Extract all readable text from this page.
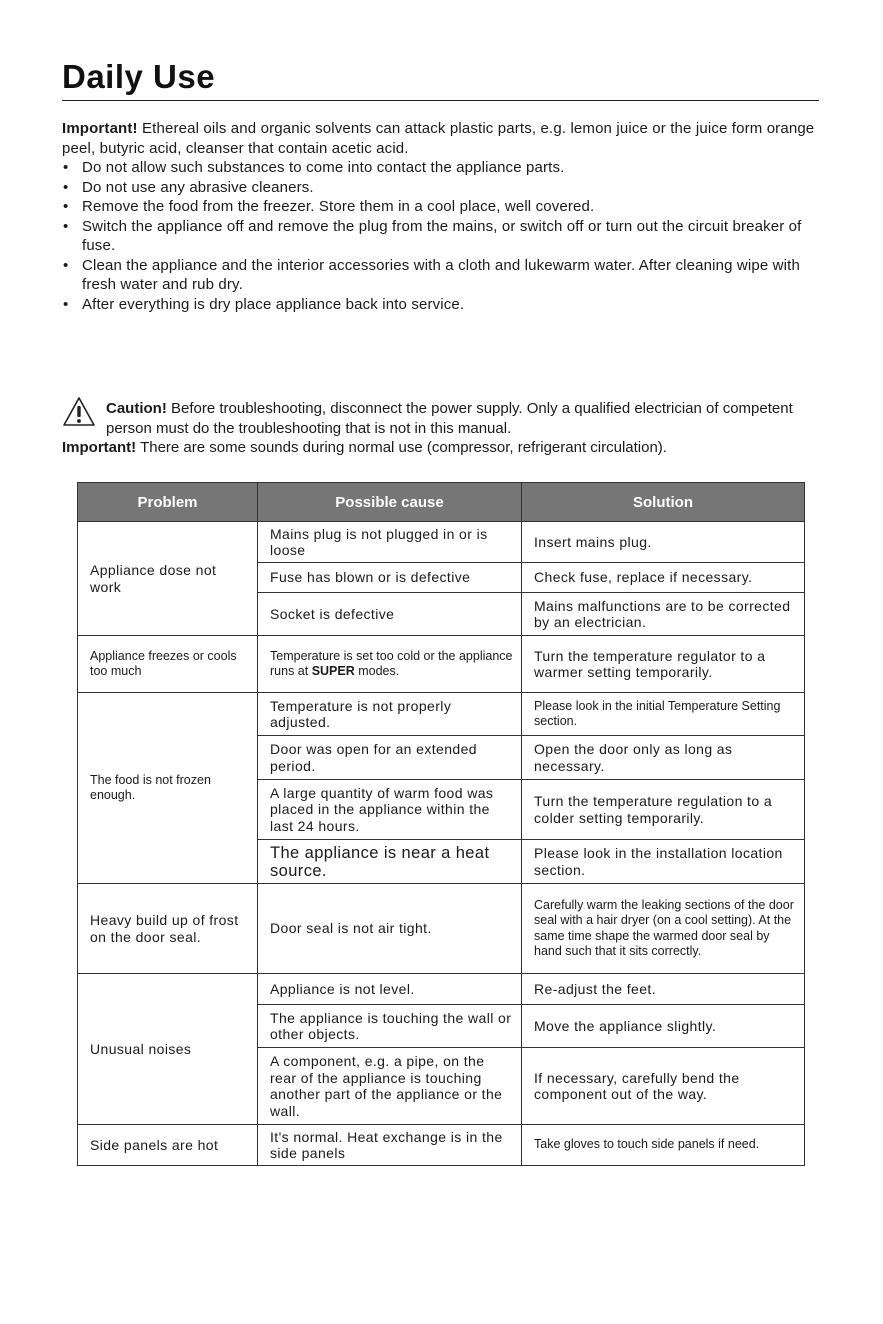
Daily Use

Important! Ethereal oils and organic solvents can attack plastic parts, e.g. lemon juice or the juice form orange peel, butyric acid, cleanser that contain acetic acid.

• Do not allow such substances to come into contact the appliance parts.
• Do not use any abrasive cleaners.
• Remove the food from the freezer. Store them in a cool place, well covered.
• Switch the appliance off and remove the plug from the mains, or switch off or turn out the circuit breaker of fuse.
• Clean the appliance and the interior accessories with a cloth and lukewarm water. After cleaning wipe with fresh water and rub dry.
• After everything is dry place appliance back into service.

Caution! Before troubleshooting, disconnect the power supply. Only a qualified electrician of competent person must do the troubleshooting that is not in this manual.

Important! There are some sounds during normal use (compressor, refrigerant circulation).

Problem	Possible cause	Solution
Appliance dose not work	Mains plug is not plugged in or is loose	Insert mains plug.
	Fuse has blown or is defective	Check fuse, replace if necessary.
	Socket is defective	Mains malfunctions are to be corrected by an electrician.
Appliance freezes or cools too much	Temperature is set too cold or the appliance runs at SUPER modes.	Turn the temperature regulator to a warmer setting temporarily.
The food is not frozen enough.	Temperature is not properly adjusted.	Please look in the initial Temperature Setting section.
	Door was open for an extended period.	Open the door only as long as necessary.
	A large quantity of warm food was placed in the appliance within the last 24 hours.	Turn the temperature regulation to a colder setting temporarily.
	The appliance is near a heat source.	Please look in the installation location section.
Heavy build up of frost on the door seal.	Door seal is not air tight.	Carefully warm the leaking sections of the door seal with a hair dryer (on a cool setting). At the same time shape the warmed door seal by hand such that it sits correctly.
Unusual noises	Appliance is not level.	Re-adjust the feet.
	The appliance is touching the wall or other objects.	Move the appliance slightly.
	A component, e.g. a pipe, on the rear of the appliance is touching another part of the appliance or the wall.	If necessary, carefully bend the component out of the way.
Side panels are hot	It's normal. Heat exchange is in the side panels	Take gloves to touch side panels if need.
